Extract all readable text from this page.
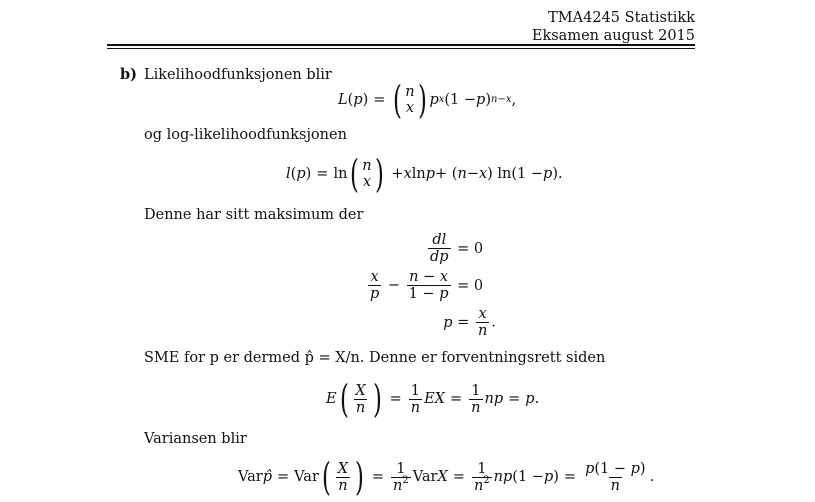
TMA4245 Statistikk
Eksamen august 2015
b) Likelihoodfunksjonen blir
L ( p ) = ( n
x ) p x (1 − p ) n−x ,
og log-likelihoodfunksjonen
l ( p ) = ln ( n
x ) + x ln p + ( n − x ) ln(1 − p ).
Denne har sitt maksimum der
$\frac{dl}{dp} = 0$
$\frac{x}{p} - \frac{n - x}{1 - p} = 0$
$p = \frac{x}{n}$ .
SME for p er dermed p̂ = X/n. Denne er forventningsrett siden
E ( $\frac{X}{n}$ ) = $\frac{1}{n}$ EX = $\frac{1}{n}$ np = p .
Variansen blir
Var p̂ = Var ( $\frac{X}{n}$ ) = $\frac{1}{n^2}$ Var $X = \frac{1}{n^2}$ np (1 − p )
= $\frac{p(1 - p)}{n}$ .
